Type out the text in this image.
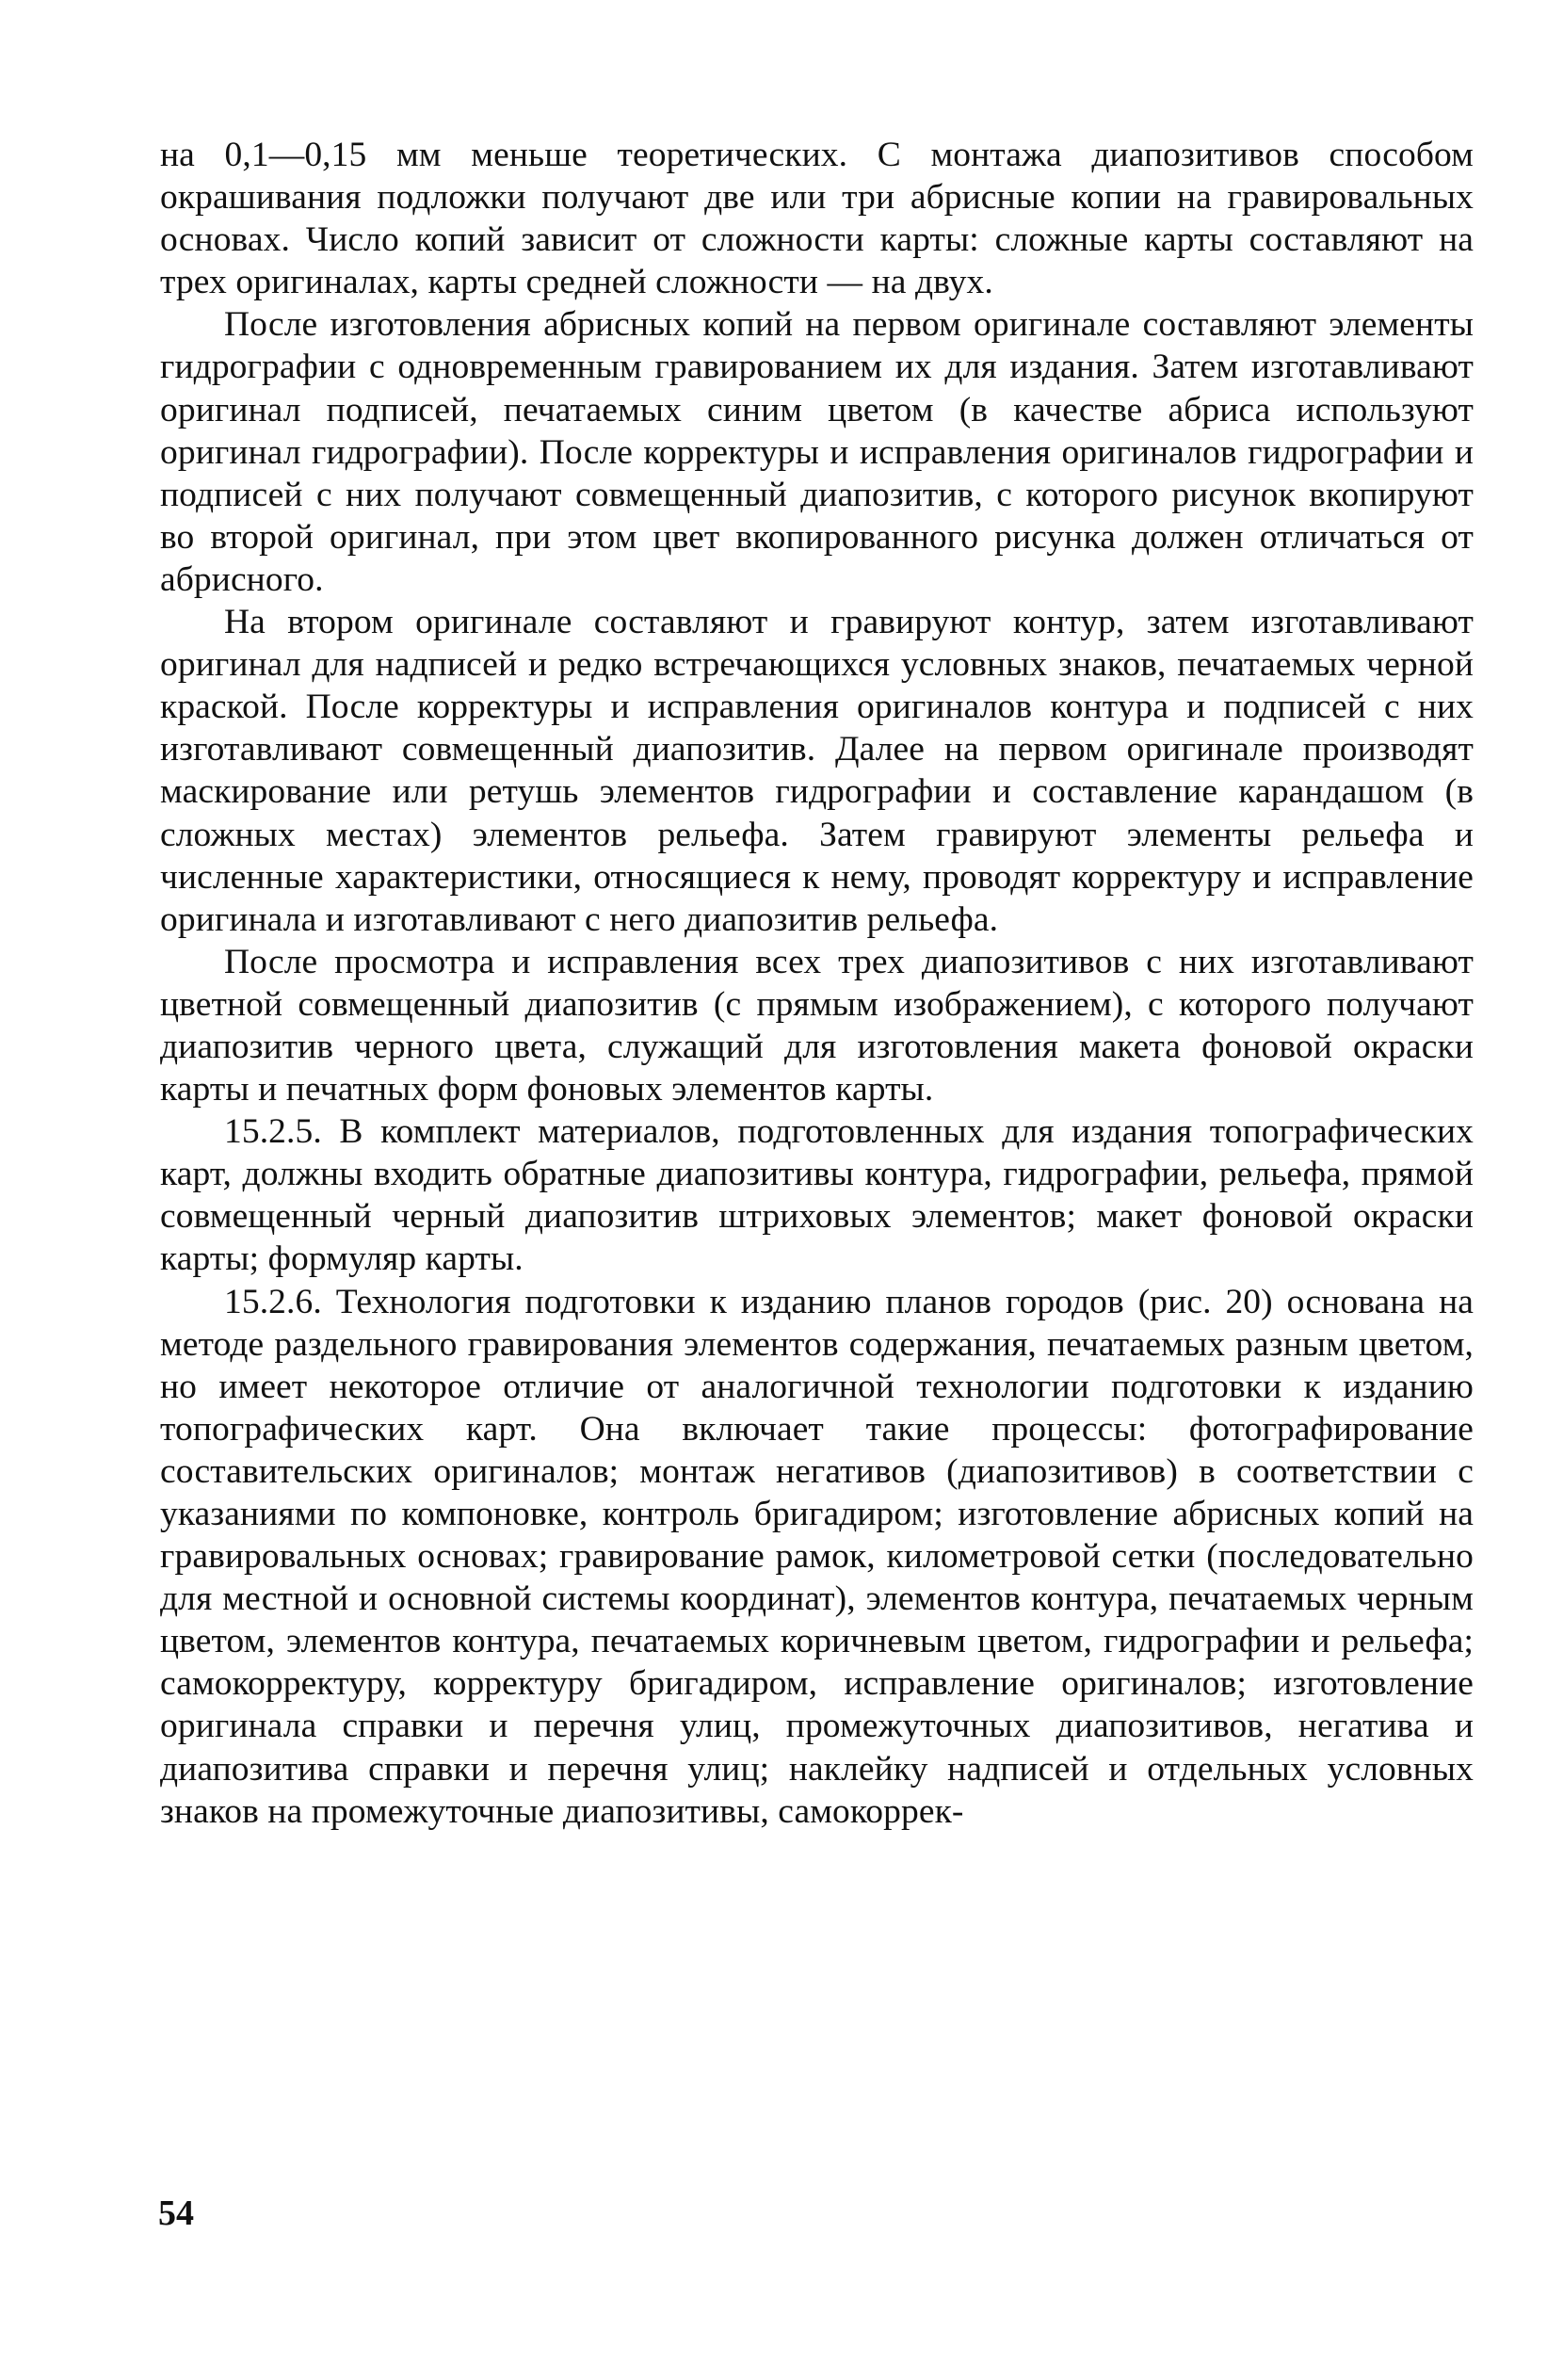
на 0,1—0,15 мм меньше теоретических. С монтажа диапозитивов способом окрашивания подложки получают две или три абрисные копии на гравировальных основах. Число копий зависит от сложности карты: сложные карты составляют на трех оригиналах, карты средней сложности — на двух.

После изготовления абрисных копий на первом оригинале составляют элементы гидрографии с одновременным гравированием их для издания. Затем изготавливают оригинал подписей, печатаемых синим цветом (в качестве абриса используют оригинал гидрографии). После корректуры и исправления оригиналов гидрографии и подписей с них получают совмещенный диапозитив, с которого рисунок вкопируют во второй оригинал, при этом цвет вкопированного рисунка должен отличаться от абрисного.

На втором оригинале составляют и гравируют контур, затем изготавливают оригинал для надписей и редко встречающихся условных знаков, печатаемых черной краской. После корректуры и исправления оригиналов контура и подписей с них изготавливают совмещенный диапозитив. Далее на первом оригинале производят маскирование или ретушь элементов гидрографии и составление карандашом (в сложных местах) элементов рельефа. Затем гравируют элементы рельефа и численные характеристики, относящиеся к нему, проводят корректуру и исправление оригинала и изготавливают с него диапозитив рельефа.

После просмотра и исправления всех трех диапозитивов с них изготавливают цветной совмещенный диапозитив (с прямым изображением), с которого получают диапозитив черного цвета, служащий для изготовления макета фоновой окраски карты и печатных форм фоновых элементов карты.

15.2.5. В комплект материалов, подготовленных для издания топографических карт, должны входить обратные диапозитивы контура, гидрографии, рельефа, прямой совмещенный черный диапозитив штриховых элементов; макет фоновой окраски карты; формуляр карты.

15.2.6. Технология подготовки к изданию планов городов (рис. 20) основана на методе раздельного гравирования элементов содержания, печатаемых разным цветом, но имеет некоторое отличие от аналогичной технологии подготовки к изданию топографических карт. Она включает такие процессы: фотографирование составительских оригиналов; монтаж негативов (диапозитивов) в соответствии с указаниями по компоновке, контроль бригадиром; изготовление абрисных копий на гравировальных основах; гравирование рамок, километровой сетки (последовательно для местной и основной системы координат), элементов контура, печатаемых черным цветом, элементов контура, печатаемых коричневым цветом, гидрографии и рельефа; самокорректуру, корректуру бригадиром, исправление оригиналов; изготовление оригинала справки и перечня улиц, промежуточных диапозитивов, негатива и диапозитива справки и перечня улиц; наклейку надписей и отдельных условных знаков на промежуточные диапозитивы, самокоррек-

54
